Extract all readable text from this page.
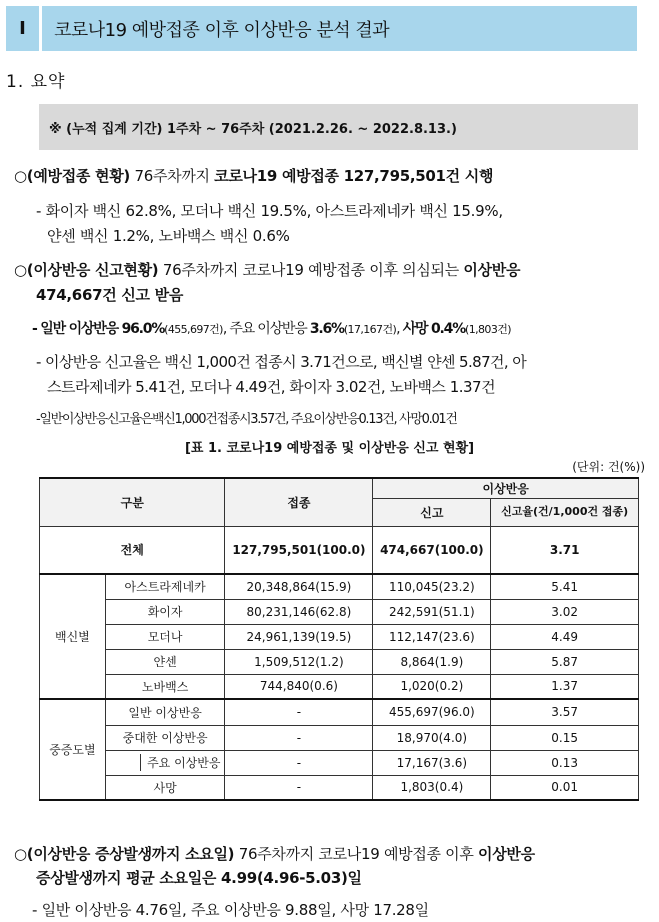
Ⅰ	코로나19 예방접종 이후 이상반응 분석 결과
1. 요약
※ (누적 집계 기간) 1주차 ~ 76주차 (2021.2.26. ~ 2022.8.13.)
○(예방접종 현황) 76주차까지 코로나19 예방접종 127,795,501건 시행
- 화이자 백신 62.8%, 모더나 백신 19.5%, 아스트라제네카 백신 15.9%,
얀센 백신 1.2%, 노바백스 백신 0.6%
○(이상반응 신고현황) 76주차까지 코로나19 예방접종 이후 의심되는 이상반응
474,667건 신고 받음
- 일반 이상반응 96.0%(455,697건), 주요 이상반응 3.6%(17,167건), 사망 0.4%(1,803건)
- 이상반응 신고율은 백신 1,000건 접종시 3.71건으로, 백신별 얀센 5.87건, 아
스트라제네카 5.41건, 모더나 4.49건, 화이자 3.02건, 노바백스 1.37건
-일반이상반응신고율은백신1,000건접종시3.57건, 주요이상반응0.13건, 사망0.01건
[표 1. 코로나19 예방접종 및 이상반응 신고 현황]
(단위: 건(%))
구분		접종	이상반응	
			신고	신고율(건/1,000건 접종)
전체		127,795,501(100.0)	474,667(100.0)	3.71
백신별	아스트라제네카	20,348,864(15.9)	110,045(23.2)	5.41
	화이자	80,231,146(62.8)	242,591(51.1)	3.02
	모더나	24,961,139(19.5)	112,147(23.6)	4.49
	얀센	1,509,512(1.2)	8,864(1.9)	5.87
	노바백스	744,840(0.6)	1,020(0.2)	1.37
중증도별	일반 이상반응	-	455,697(96.0)	3.57
	중대한 이상반응	-	18,970(4.0)	0.15
	주요 이상반응	-	17,167(3.6)	0.13
	사망	-	1,803(0.4)	0.01
○(이상반응 증상발생까지 소요일) 76주차까지 코로나19 예방접종 이후 이상반응
증상발생까지 평균 소요일은 4.99(4.96-5.03)일
- 일반 이상반응 4.76일, 주요 이상반응 9.88일, 사망 17.28일
